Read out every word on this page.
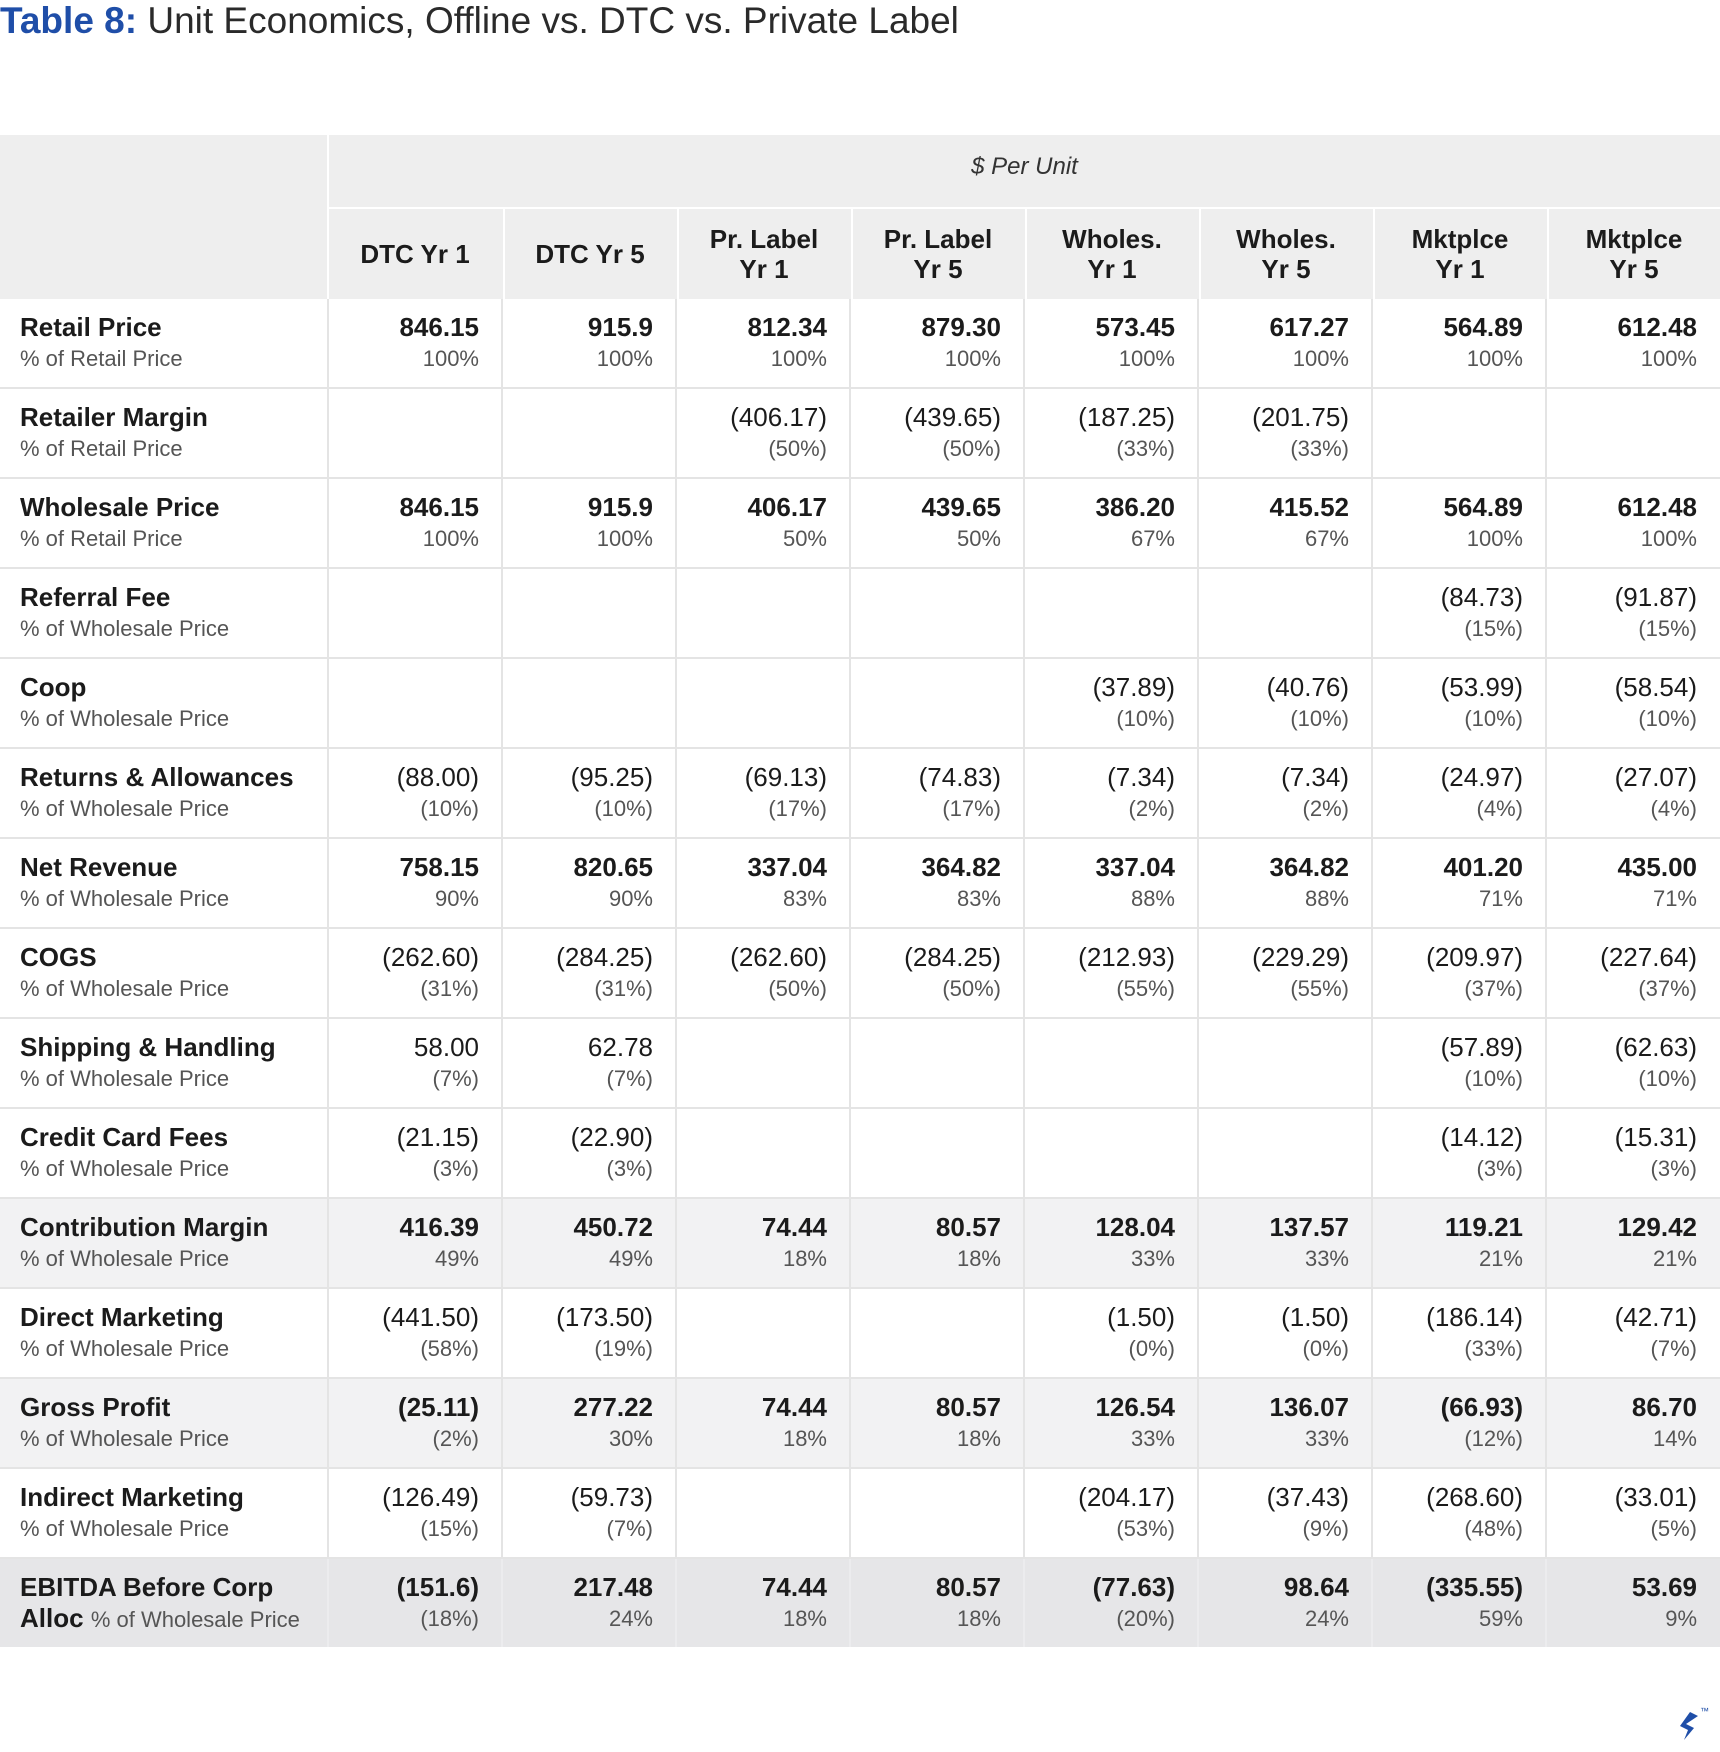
Table 8: Unit Economics, Offline vs. DTC vs. Private Label
$ Per Unit
DTC Yr 1	DTC Yr 5	Pr. Label
Yr 1
Pr. Label
Yr 5
Wholes.
Yr 1
Wholes.
Yr 5
Mktplce
Yr 1
Mktplce
Yr 5
Retail Price
% of Retail Price
846.15
100%
915.9
100%
812.34
100%
879.30
100%
573.45
100%
617.27
100%
564.89
100%
612.48
100%
Retailer Margin
% of Retail Price
(406.17)
(50%)
(439.65)
(50%)
(187.25)
(33%)
(201.75)
(33%)
Wholesale Price
% of Retail Price
846.15
100%
915.9
100%
406.17
50%
439.65
50%
386.20
67%
415.52
67%
564.89
100%
612.48
100%
Referral Fee
% of Wholesale Price
(84.73)
(15%)
(91.87)
(15%)
Coop
% of Wholesale Price
(37.89)
(10%)
(40.76)
(10%)
(53.99)
(10%)
(58.54)
(10%)
Returns & Allowances
% of Wholesale Price
(88.00)
(10%)
(95.25)
(10%)
(69.13)
(17%)
(74.83)
(17%)
(7.34)
(2%)
(7.34)
(2%)
(24.97)
(4%)
(27.07)
(4%)
Net Revenue
% of Wholesale Price
758.15
90%
820.65
90%
337.04
83%
364.82
83%
337.04
88%
364.82
88%
401.20
71%
435.00
71%
COGS
% of Wholesale Price
(262.60)
(31%)
(284.25)
(31%)
(262.60)
(50%)
(284.25)
(50%)
(212.93)
(55%)
(229.29)
(55%)
(209.97)
(37%)
(227.64)
(37%)
Shipping & Handling
% of Wholesale Price
58.00
(7%)
62.78
(7%)
(57.89)
(10%)
(62.63)
(10%)
Credit Card Fees
% of Wholesale Price
(21.15)
(3%)
(22.90)
(3%)
(14.12)
(3%)
(15.31)
(3%)
Contribution Margin
% of Wholesale Price
416.39
49%
450.72
49%
74.44
18%
80.57
18%
128.04
33%
137.57
33%
119.21
21%
129.42
21%
Direct Marketing
% of Wholesale Price
(441.50)
(58%)
(173.50)
(19%)
(1.50)
(0%)
(1.50)
(0%)
(186.14)
(33%)
(42.71)
(7%)
Gross Profit
% of Wholesale Price
(25.11)
(2%)
277.22
30%
74.44
18%
80.57
18%
126.54
33%
136.07
33%
(66.93)
(12%)
86.70
14%
Indirect Marketing
% of Wholesale Price
(126.49)
(15%)
(59.73)
(7%)
(204.17)
(53%)
(37.43)
(9%)
(268.60)
(48%)
(33.01)
(5%)
EBITDA Before Corp Alloc % of Wholesale Price
(151.6)
(18%)
217.48
24%
74.44
18%
80.57
18%
(77.63)
(20%)
98.64
24%
(335.55)
59%
53.69
9%
™
